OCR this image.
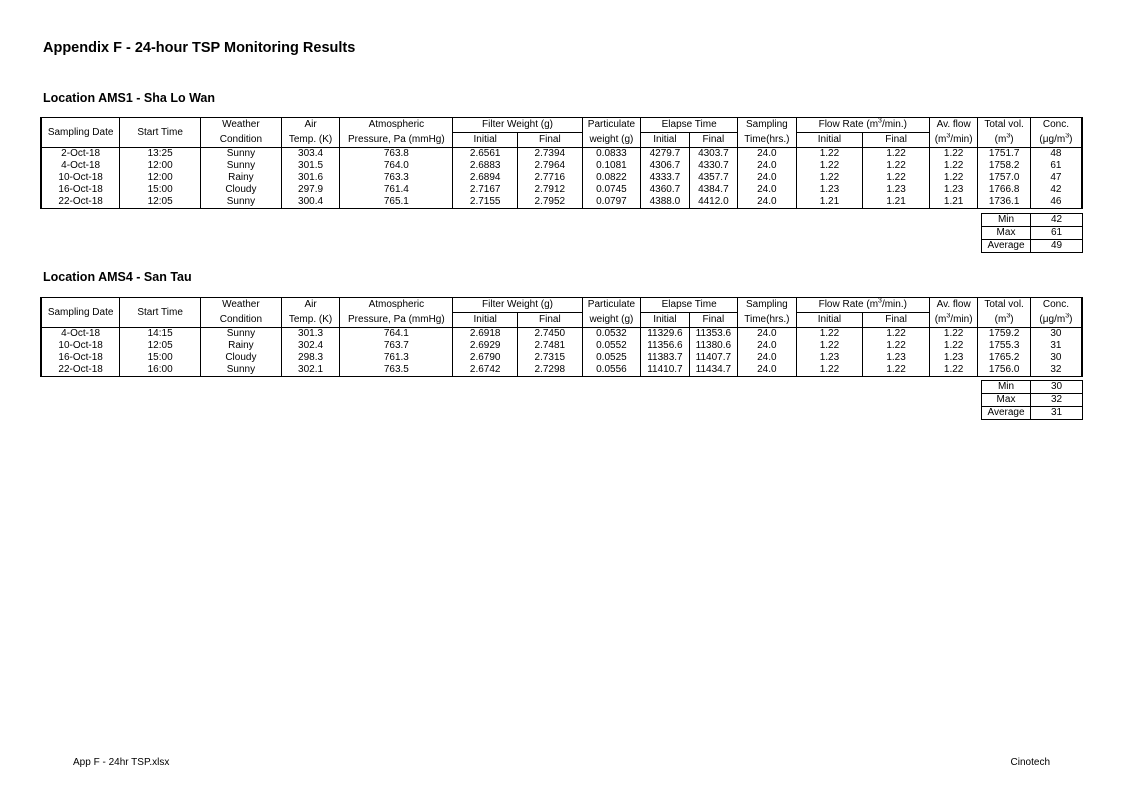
Appendix F - 24-hour TSP Monitoring Results
Location AMS1 - Sha Lo Wan
Sampling Date	Start Time	Weather	Air	Atmospheric	Filter Weight (g)		Particulate	Elapse Time		Sampling	Flow Rate $(m^3/\min.)$		Av. flow	Total vol.	Conc.
		Condition	Temp. (K)	Pressure, Pa (mmHg)	Initial	Final	weight (g)	Initial	Final	Time(hrs.)	Initial	Final	$(m^3/\min)$	$(m^3)$	$(\mu g/m^3)$
2-Oct-18	13:25	Sunny	303.4	763.8	2.6561	2.7394	0.0833	4279.7	4303.7	24.0	1.22	1.22	1.22	1751.7	48
4-Oct-18	12:00	Sunny	301.5	764.0	2.6883	2.7964	0.1081	4306.7	4330.7	24.0	1.22	1.22	1.22	1758.2	61
10-Oct-18	12:00	Rainy	301.6	763.3	2.6894	2.7716	0.0822	4333.7	4357.7	24.0	1.22	1.22	1.22	1757.0	47
16-Oct-18	15:00	Cloudy	297.9	761.4	2.7167	2.7912	0.0745	4360.7	4384.7	24.0	1.23	1.23	1.23	1766.8	42
22-Oct-18	12:05	Sunny	300.4	765.1	2.7155	2.7952	0.0797	4388.0	4412.0	24.0	1.21	1.21	1.21	1736.1	46
Min	42
Max	61
Average	49
Location AMS4 - San Tau
Sampling Date	Start Time	Weather	Air	Atmospheric	Filter Weight (g)		Particulate	Elapse Time		Sampling	Flow Rate $(m^3/\min.)$		Av. flow	Total vol.	Conc.
		Condition	Temp. (K)	Pressure, Pa (mmHg)	Initial	Final	weight (g)	Initial	Final	Time(hrs.)	Initial	Final	$(m^3/\min)$	$(m^3)$	$(\mu g/m^3)$
4-Oct-18	14:15	Sunny	301.3	764.1	2.6918	2.7450	0.0532	11329.6	11353.6	24.0	1.22	1.22	1.22	1759.2	30
10-Oct-18	12:05	Rainy	302.4	763.7	2.6929	2.7481	0.0552	11356.6	11380.6	24.0	1.22	1.22	1.22	1755.3	31
16-Oct-18	15:00	Cloudy	298.3	761.3	2.6790	2.7315	0.0525	11383.7	11407.7	24.0	1.23	1.23	1.23	1765.2	30
22-Oct-18	16:00	Sunny	302.1	763.5	2.6742	2.7298	0.0556	11410.7	11434.7	24.0	1.22	1.22	1.22	1756.0	32
Min	30
Max	32
Average	31
App F - 24hr TSP.xlsx	Cinotech
